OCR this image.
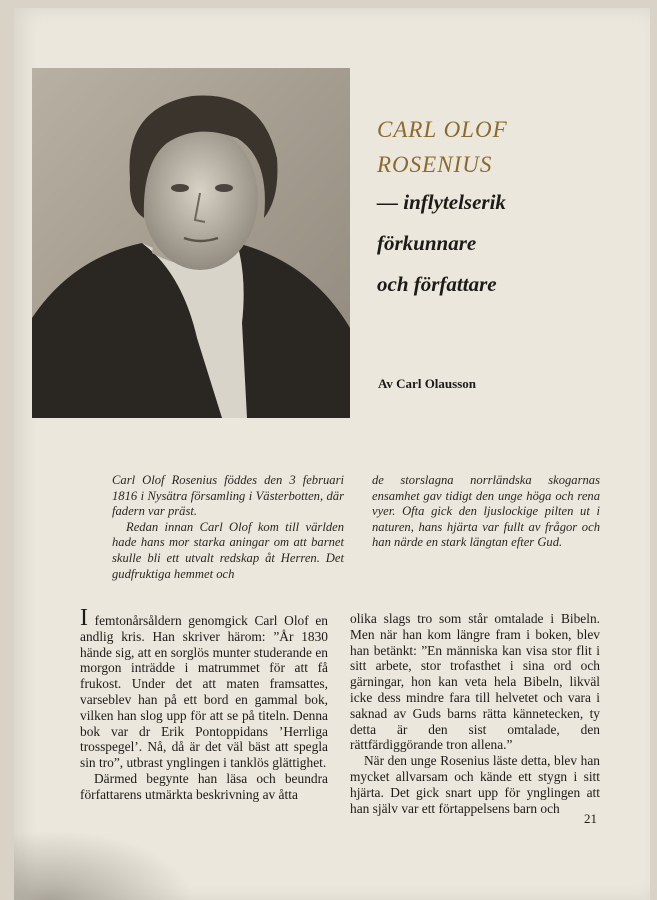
CARL OLOF

ROSENIUS

— inflytelserik

förkunnare

och författare

Av Carl Olausson

Carl Olof Rosenius föddes den 3 februari 1816 i Nysätra församling i Västerbotten, där fadern var präst.

Redan innan Carl Olof kom till världen hade hans mor starka aningar om att barnet skulle bli ett utvalt redskap åt Herren. Det gudfruktiga hemmet och

de storslagna norrländska skogarnas ensamhet gav tidigt den unge höga och rena vyer. Ofta gick den ljuslockige pilten ut i naturen, hans hjärta var fullt av frågor och han närde en stark längtan efter Gud.

I femtonårsåldern genomgick Carl Olof en andlig kris. Han skriver härom: ”År 1830 hände sig, att en sorglös munter studerande en morgon inträdde i matrummet för att få frukost. Under det att maten framsattes, varseblev han på ett bord en gammal bok, vilken han slog upp för att se på titeln. Denna bok var dr Erik Pontoppidans ’Herrliga trosspegel’. Nå, då är det väl bäst att spegla sin tro”, utbrast ynglingen i tanklös glättighet.

Därmed begynte han läsa och beundra författarens utmärkta beskrivning av åtta

olika slags tro som står omtalade i Bibeln. Men när han kom längre fram i boken, blev han betänkt: ”En människa kan visa stor flit i sitt arbete, stor trofasthet i sina ord och gärningar, hon kan veta hela Bibeln, likväl icke dess mindre fara till helvetet och vara i saknad av Guds barns rätta kännetecken, ty detta är den sist omtalade, den rättfärdiggörande tron allena.”

När den unge Rosenius läste detta, blev han mycket allvarsam och kände ett stygn i sitt hjärta. Det gick snart upp för ynglingen att han själv var ett förtappelsens barn och

21
